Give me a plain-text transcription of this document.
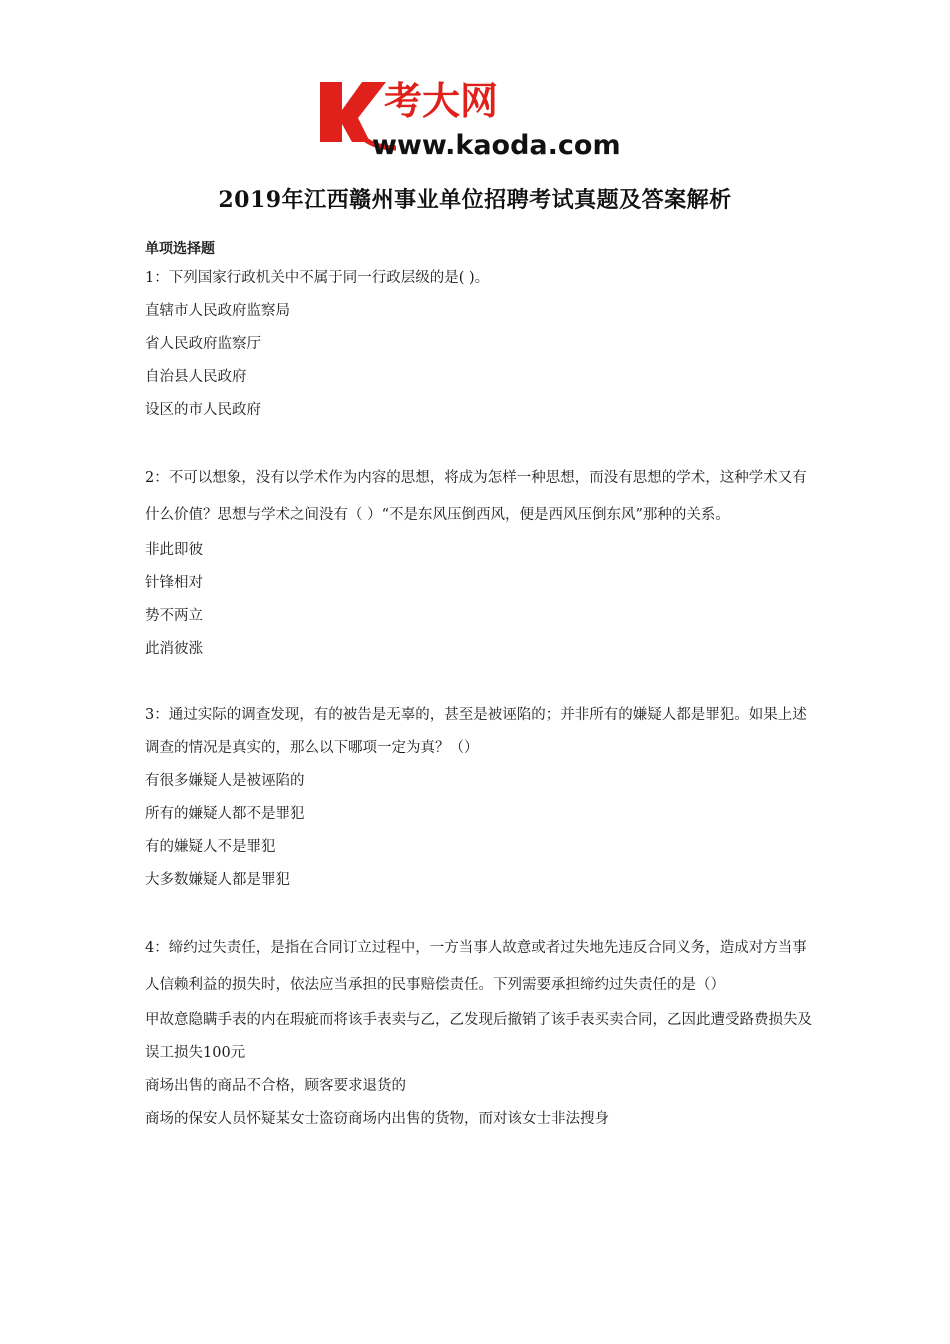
考大网
www.kaoda.com
2019年江西赣州事业单位招聘考试真题及答案解析
单项选择题

1：下列国家行政机关中不属于同一行政层级的是( )。

直辖市人民政府监察局

省人民政府监察厅

自治县人民政府

设区的市人民政府

2：不可以想象，没有以学术作为内容的思想，将成为怎样一种思想，而没有思想的学术，这种学术又有什么价值？思想与学术之间没有（ ）“不是东风压倒西风，便是西风压倒东风”那种的关系。

非此即彼

针锋相对

势不两立

此消彼涨

3：通过实际的调查发现，有的被告是无辜的，甚至是被诬陷的；并非所有的嫌疑人都是罪犯。如果上述调查的情况是真实的，那么以下哪项一定为真？（）

有很多嫌疑人是被诬陷的

所有的嫌疑人都不是罪犯

有的嫌疑人不是罪犯

大多数嫌疑人都是罪犯

4：缔约过失责任，是指在合同订立过程中，一方当事人故意或者过失地先违反合同义务，造成对方当事人信赖利益的损失时，依法应当承担的民事赔偿责任。下列需要承担缔约过失责任的是（）

甲故意隐瞒手表的内在瑕疵而将该手表卖与乙，乙发现后撤销了该手表买卖合同，乙因此遭受路费损失及误工损失100元

商场出售的商品不合格，顾客要求退货的

商场的保安人员怀疑某女士盗窃商场内出售的货物，而对该女士非法搜身
